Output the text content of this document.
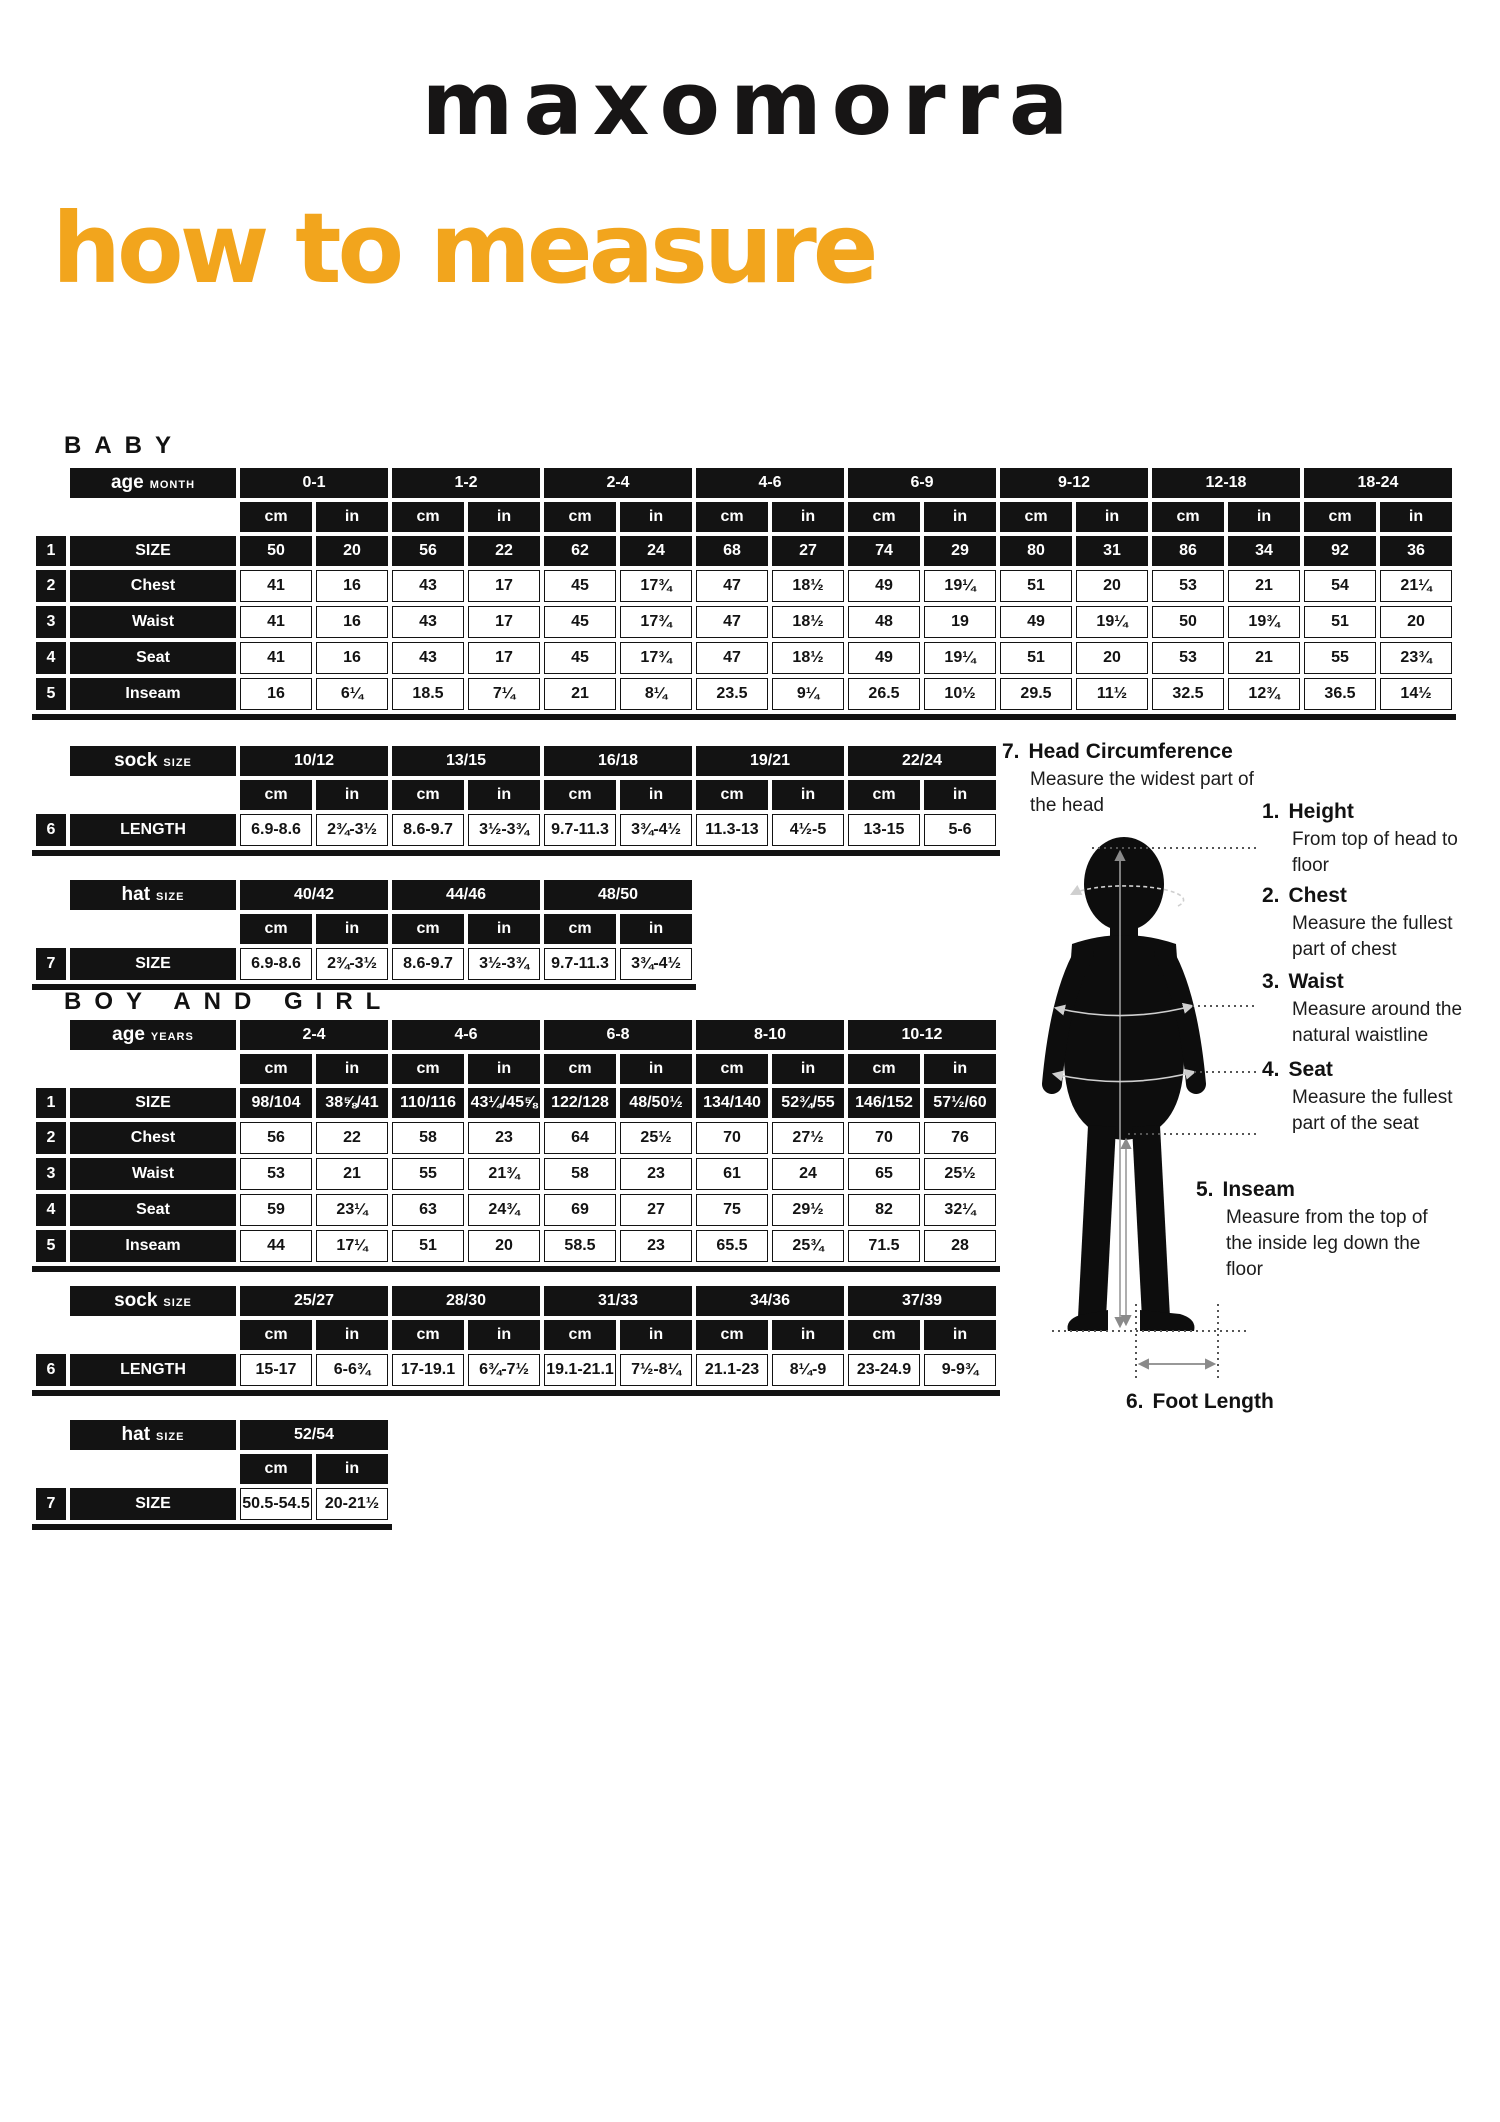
maxomorra
how to measure
BABY
BOY AND GIRL
	age MONTH	0-1		1-2		2-4		4-6		6-9		9-12		12-18		18-24	
		cm	in	cm	in	cm	in	cm	in	cm	in	cm	in	cm	in	cm	in
1	SIZE	50	20	56	22	62	24	68	27	74	29	80	31	86	34	92	36
2	Chest	41	16	43	17	45	17¾	47	18½	49	19¼	51	20	53	21	54	21¼
3	Waist	41	16	43	17	45	17¾	47	18½	48	19	49	19¼	50	19¾	51	20
4	Seat	41	16	43	17	45	17¾	47	18½	49	19¼	51	20	53	21	55	23¾
5	Inseam	16	6¼	18.5	7¼	21	8¼	23.5	9¼	26.5	10½	29.5	11½	32.5	12¾	36.5	14½
	sock SIZE	10/12		13/15		16/18		19/21		22/24	
		cm	in	cm	in	cm	in	cm	in	cm	in
6	LENGTH	6.9-8.6	2¾-3½	8.6-9.7	3½-3¾	9.7-11.3	3¾-4½	11.3-13	4½-5	13-15	5-6
	hat SIZE	40/42		44/46		48/50	
		cm	in	cm	in	cm	in
7	SIZE	6.9-8.6	2¾-3½	8.6-9.7	3½-3¾	9.7-11.3	3¾-4½
	age YEARS	2-4		4-6		6-8		8-10		10-12	
		cm	in	cm	in	cm	in	cm	in	cm	in
1	SIZE	98/104	38⅝/41	110/116	43¼/45⅝	122/128	48/50½	134/140	52¾/55	146/152	57½/60
2	Chest	56	22	58	23	64	25½	70	27½	70	76
3	Waist	53	21	55	21¾	58	23	61	24	65	25½
4	Seat	59	23¼	63	24¾	69	27	75	29½	82	32¼
5	Inseam	44	17¼	51	20	58.5	23	65.5	25¾	71.5	28
	sock SIZE	25/27		28/30		31/33		34/36		37/39	
		cm	in	cm	in	cm	in	cm	in	cm	in
6	LENGTH	15-17	6-6¾	17-19.1	6¾-7½	19.1-21.1	7½-8¼	21.1-23	8¼-9	23-24.9	9-9¾
	hat SIZE	52/54	
		cm	in
7	SIZE	50.5-54.5	20-21½
7. Head Circumference
Measure the widest part of the head	1. Height
From top of head to floor
2. Chest
Measure the fullest part of chest
3. Waist
Measure around the natural waistline
4. Seat
Measure the fullest part of the seat
5. Inseam
Measure from the top of the inside leg down the floor
6. Foot Length
